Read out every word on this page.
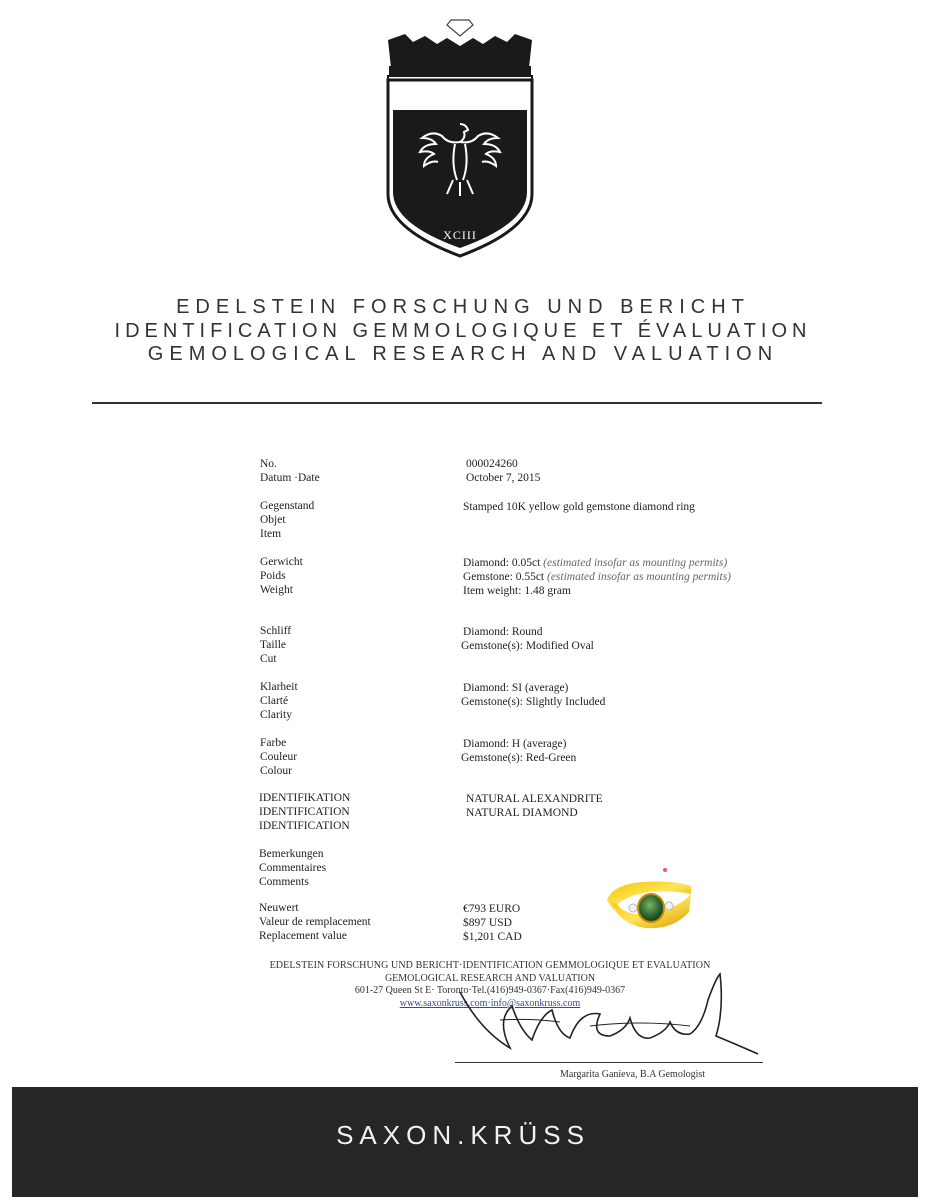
XCIII
EDELSTEIN FORSCHUNG UND BERICHT
IDENTIFICATION GEMMOLOGIQUE ET ÉVALUATION
GEMOLOGICAL RESEARCH AND VALUATION
No.
Datum ·Date
000024260
October 7, 2015
Gegenstand
Objet
Item
Stamped 10K yellow gold gemstone diamond ring
Gerwicht
Poids
Weight
Diamond: 0.05ct (estimated insofar as mounting permits)
Gemstone: 0.55ct (estimated insofar as mounting permits)
Item weight: 1.48 gram
Schliff
Taille
Cut
Diamond: Round
Gemstone(s): Modified Oval
Klarheit
Clarté
Clarity
Diamond: SI (average)
Gemstone(s): Slightly Included
Farbe
Couleur
Colour
Diamond: H (average)
Gemstone(s): Red-Green
IDENTIFIKATION
IDENTIFICATION
IDENTIFICATION
NATURAL ALEXANDRITE
NATURAL DIAMOND
Bemerkungen
Commentaires
Comments
Neuwert
Valeur de remplacement
Replacement value
€793 EURO
$897 USD
$1,201 CAD
EDELSTEIN FORSCHUNG UND BERICHT·IDENTIFICATION GEMMOLOGIQUE ET EVALUATION
GEMOLOGICAL RESEARCH AND VALUATION
601-27 Queen St E· Toronto·Tel.(416)949-0367·Fax(416)949-0367
www.saxonkruss.com·info@saxonkruss.com
Margarita Ganieva, B.A Gemologist
SAXON.KRÜSS
